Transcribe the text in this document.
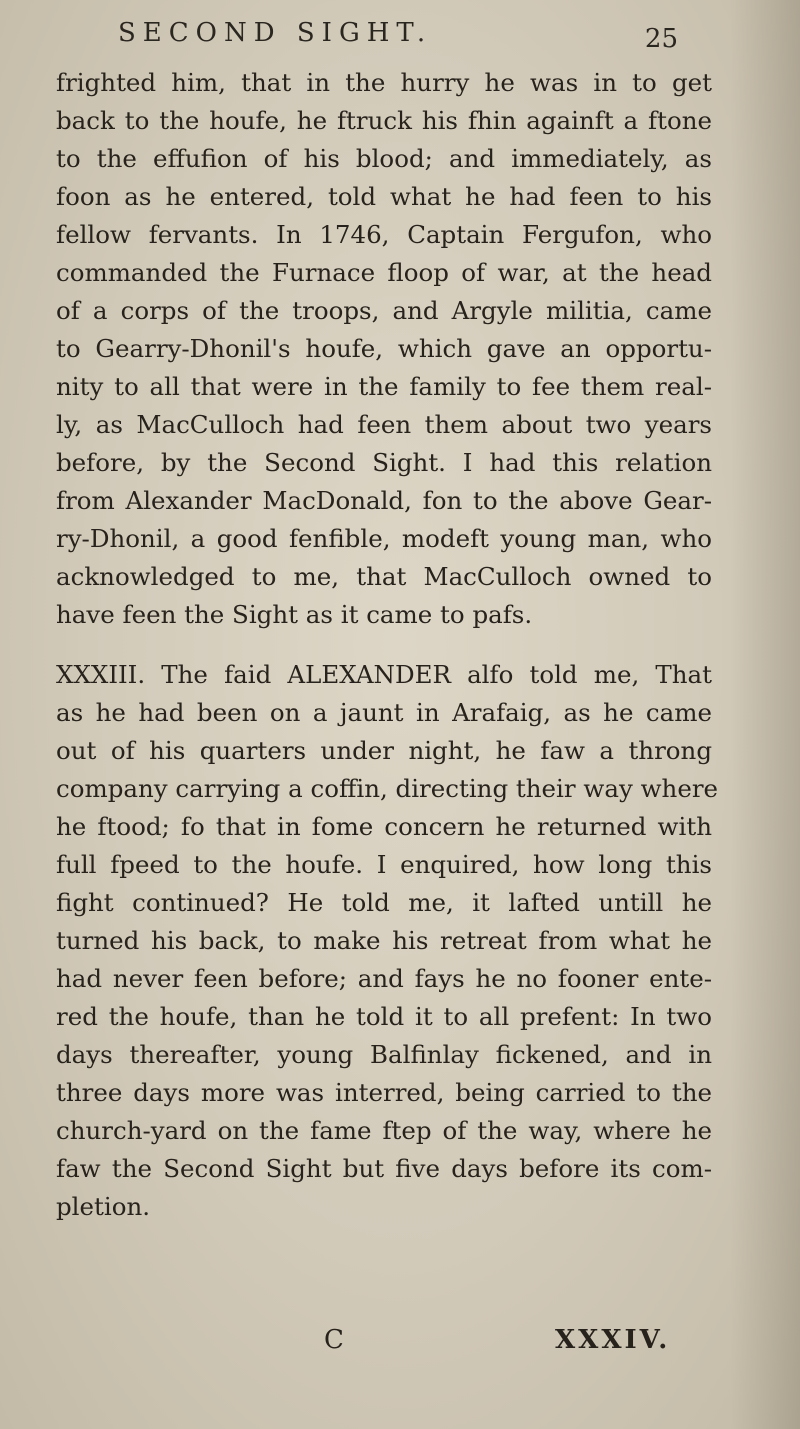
SECOND SIGHT.	25
frighted him, that in the hurry he was in to get
back to the houfe, he ftruck his fhin againft a ftone
to the effufion of his blood; and immediately, as
foon as he entered, told what he had feen to his
fellow fervants. In 1746, Captain Fergufon, who
commanded the Furnace floop of war, at the head
of a corps of the troops, and Argyle militia, came
to Gearry-Dhonil's houfe, which gave an opportu-
nity to all that were in the family to fee them real-
ly, as MacCulloch had feen them about two years
before, by the Second Sight. I had this relation
from Alexander MacDonald, fon to the above Gear-
ry-Dhonil, a good fenfible, modeft young man, who
acknowledged to me, that MacCulloch owned to
have feen the Sight as it came to pafs.
XXXIII. The faid ALEXANDER alfo told me, That
as he had been on a jaunt in Arafaig, as he came
out of his quarters under night, he faw a throng
company carrying a coffin, directing their way where
he ftood; fo that in fome concern he returned with
full fpeed to the houfe. I enquired, how long this
fight continued? He told me, it lafted untill he
turned his back, to make his retreat from what he
had never feen before; and fays he no fooner ente-
red the houfe, than he told it to all prefent: In two
days thereafter, young Balfinlay fickened, and in
three days more was interred, being carried to the
church-yard on the fame ftep of the way, where he
faw the Second Sight but five days before its com-
pletion.
C	XXXIV.
